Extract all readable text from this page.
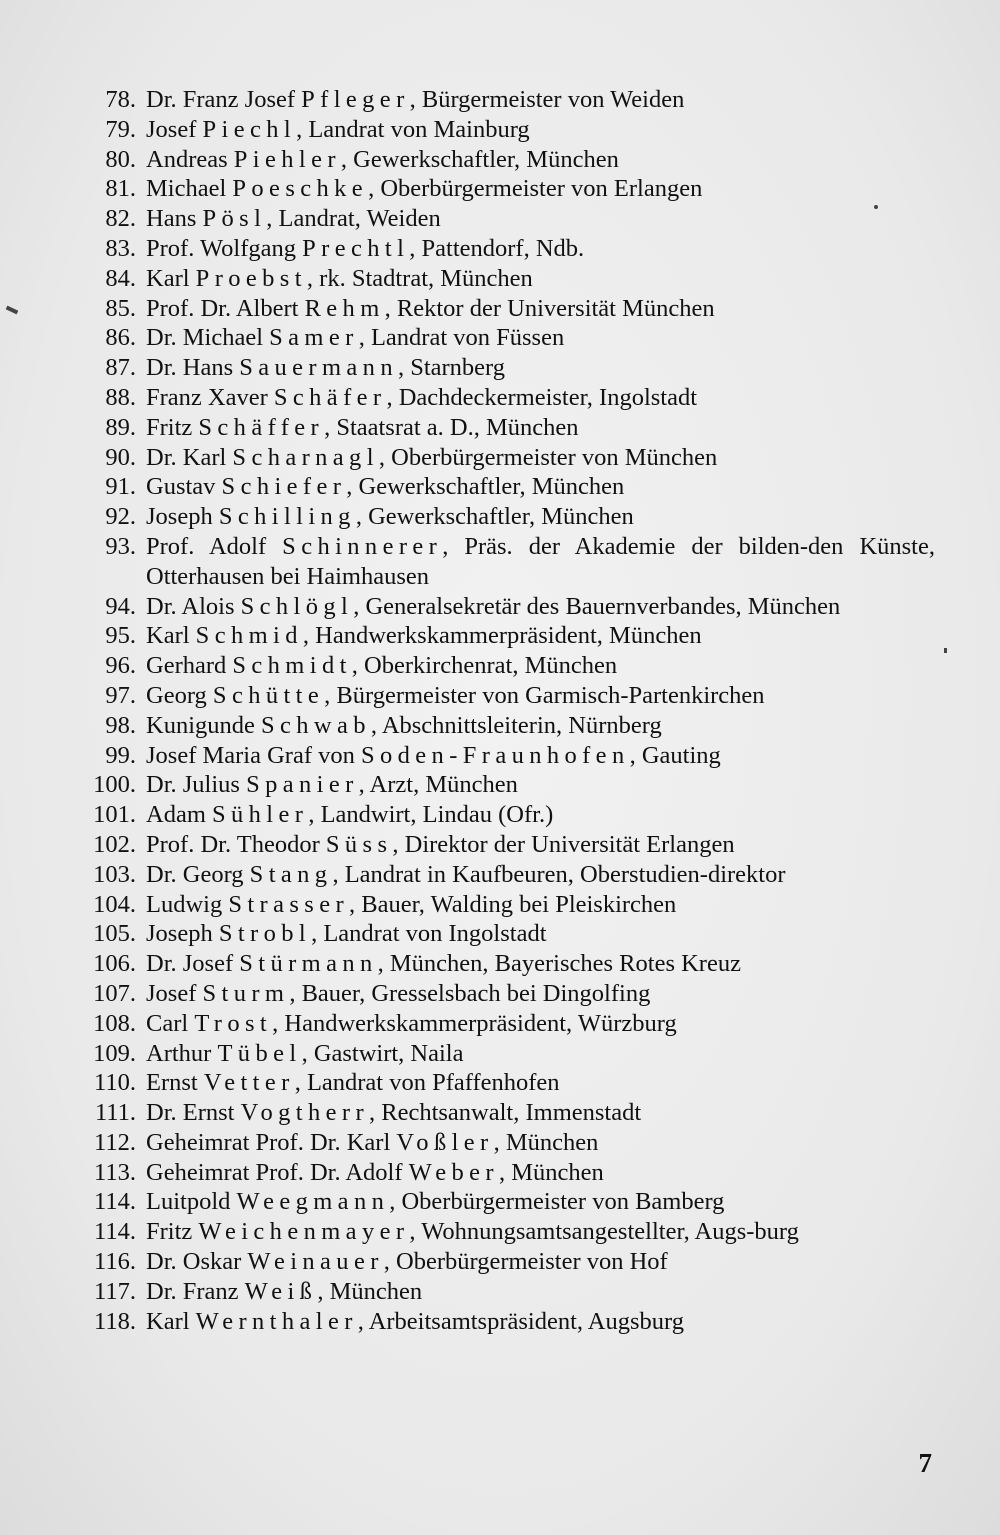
78. Dr. Franz Josef Pfleger, Bürgermeister von Weiden
79. Josef Piechl, Landrat von Mainburg
80. Andreas Piehler, Gewerkschaftler, München
81. Michael Poeschke, Oberbürgermeister von Erlangen
82. Hans Pösl, Landrat, Weiden
83. Prof. Wolfgang Prechtl, Pattendorf, Ndb.
84. Karl Proebst, rk. Stadtrat, München
85. Prof. Dr. Albert Rehm, Rektor der Universität München
86. Dr. Michael Samer, Landrat von Füssen
87. Dr. Hans Sauermann, Starnberg
88. Franz Xaver Schäfer, Dachdeckermeister, Ingolstadt
89. Fritz Schäffer, Staatsrat a. D., München
90. Dr. Karl Scharnagl, Oberbürgermeister von München
91. Gustav Schiefer, Gewerkschaftler, München
92. Joseph Schilling, Gewerkschaftler, München
93. Prof. Adolf Schinnerer, Präs. der Akademie der bilden-den Künste, Otterhausen bei Haimhausen
94. Dr. Alois Schlögl, Generalsekretär des Bauernverbandes, München
95. Karl Schmid, Handwerkskammerpräsident, München
96. Gerhard Schmidt, Oberkirchenrat, München
97. Georg Schütte, Bürgermeister von Garmisch-Partenkirchen
98. Kunigunde Schwab, Abschnittsleiterin, Nürnberg
99. Josef Maria Graf von Soden-Fraunhofen, Gauting
100. Dr. Julius Spanier, Arzt, München
101. Adam Sühler, Landwirt, Lindau (Ofr.)
102. Prof. Dr. Theodor Süss, Direktor der Universität Erlangen
103. Dr. Georg Stang, Landrat in Kaufbeuren, Oberstudien-direktor
104. Ludwig Strasser, Bauer, Walding bei Pleiskirchen
105. Joseph Strobl, Landrat von Ingolstadt
106. Dr. Josef Stürmann, München, Bayerisches Rotes Kreuz
107. Josef Sturm, Bauer, Gresselsbach bei Dingolfing
108. Carl Trost, Handwerkskammerpräsident, Würzburg
109. Arthur Tübel, Gastwirt, Naila
110. Ernst Vetter, Landrat von Pfaffenhofen
111. Dr. Ernst Vogtherr, Rechtsanwalt, Immenstadt
112. Geheimrat Prof. Dr. Karl Voßler, München
113. Geheimrat Prof. Dr. Adolf Weber, München
114. Luitpold Weegmann, Oberbürgermeister von Bamberg
114. Fritz Weichenmayer, Wohnungsamtsangestellter, Augs-burg
116. Dr. Oskar Weinauer, Oberbürgermeister von Hof
117. Dr. Franz Weiß, München
118. Karl Wernthaler, Arbeitsamtspräsident, Augsburg
7
